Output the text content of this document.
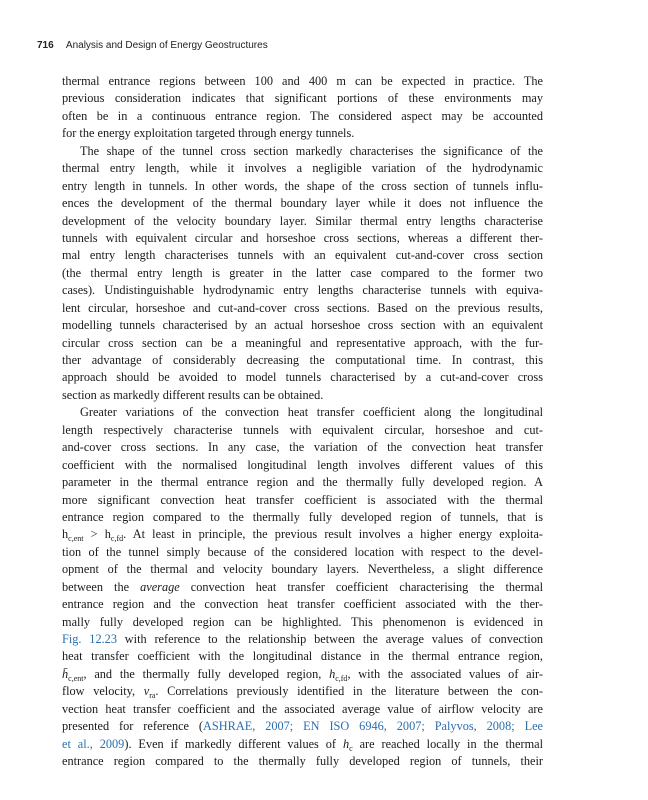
716 Analysis and Design of Energy Geostructures
thermal entrance regions between 100 and 400 m can be expected in practice. The
previous consideration indicates that significant portions of these environments may
often be in a continuous entrance region. The considered aspect may be accounted
for the energy exploitation targeted through energy tunnels.
The shape of the tunnel cross section markedly characterises the significance of the
thermal entry length, while it involves a negligible variation of the hydrodynamic
entry length in tunnels. In other words, the shape of the cross section of tunnels influ-
ences the development of the thermal boundary layer while it does not influence the
development of the velocity boundary layer. Similar thermal entry lengths characterise
tunnels with equivalent circular and horseshoe cross sections, whereas a different ther-
mal entry length characterises tunnels with an equivalent cut-and-cover cross section
(the thermal entry length is greater in the latter case compared to the former two
cases). Undistinguishable hydrodynamic entry lengths characterise tunnels with equiva-
lent circular, horseshoe and cut-and-cover cross sections. Based on the previous results,
modelling tunnels characterised by an actual horseshoe cross section with an equivalent
circular cross section can be a meaningful and representative approach, with the fur-
ther advantage of considerably decreasing the computational time. In contrast, this
approach should be avoided to model tunnels characterised by a cut-and-cover cross
section as markedly different results can be obtained.
Greater variations of the convection heat transfer coefficient along the longitudinal
length respectively characterise tunnels with equivalent circular, horseshoe and cut-
and-cover cross sections. In any case, the variation of the convection heat transfer
coefficient with the normalised longitudinal length involves different values of this
parameter in the thermal entrance region and the thermally fully developed region. A
more significant convection heat transfer coefficient is associated with the thermal
entrance region compared to the thermally fully developed region of tunnels, that is
$h_{c,ent} > h_{c,fd}$. At least in principle, the previous result involves a higher energy exploita-
tion of the tunnel simply because of the considered location with respect to the devel-
opment of the thermal and velocity boundary layers. Nevertheless, a slight difference
between the average convection heat transfer coefficient characterising the thermal
entrance region and the convection heat transfer coefficient associated with the ther-
mally fully developed region can be highlighted. This phenomenon is evidenced in
Fig. 12.23 with reference to the relationship between the average values of convection
heat transfer coefficient with the longitudinal distance in the thermal entrance region,
$h̄_{c,ent}$, and the thermally fully developed region, $h_{c,fd}$, with the associated values of air-
flow velocity, $v_{ra}$. Correlations previously identified in the literature between the con-
vection heat transfer coefficient and the associated average value of airflow velocity are
presented for reference (ASHRAE, 2007; EN ISO 6946, 2007; Palyvos, 2008; Lee
et al., 2009). Even if markedly different values of $h_c$ are reached locally in the thermal
entrance region compared to the thermally fully developed region of tunnels, their
